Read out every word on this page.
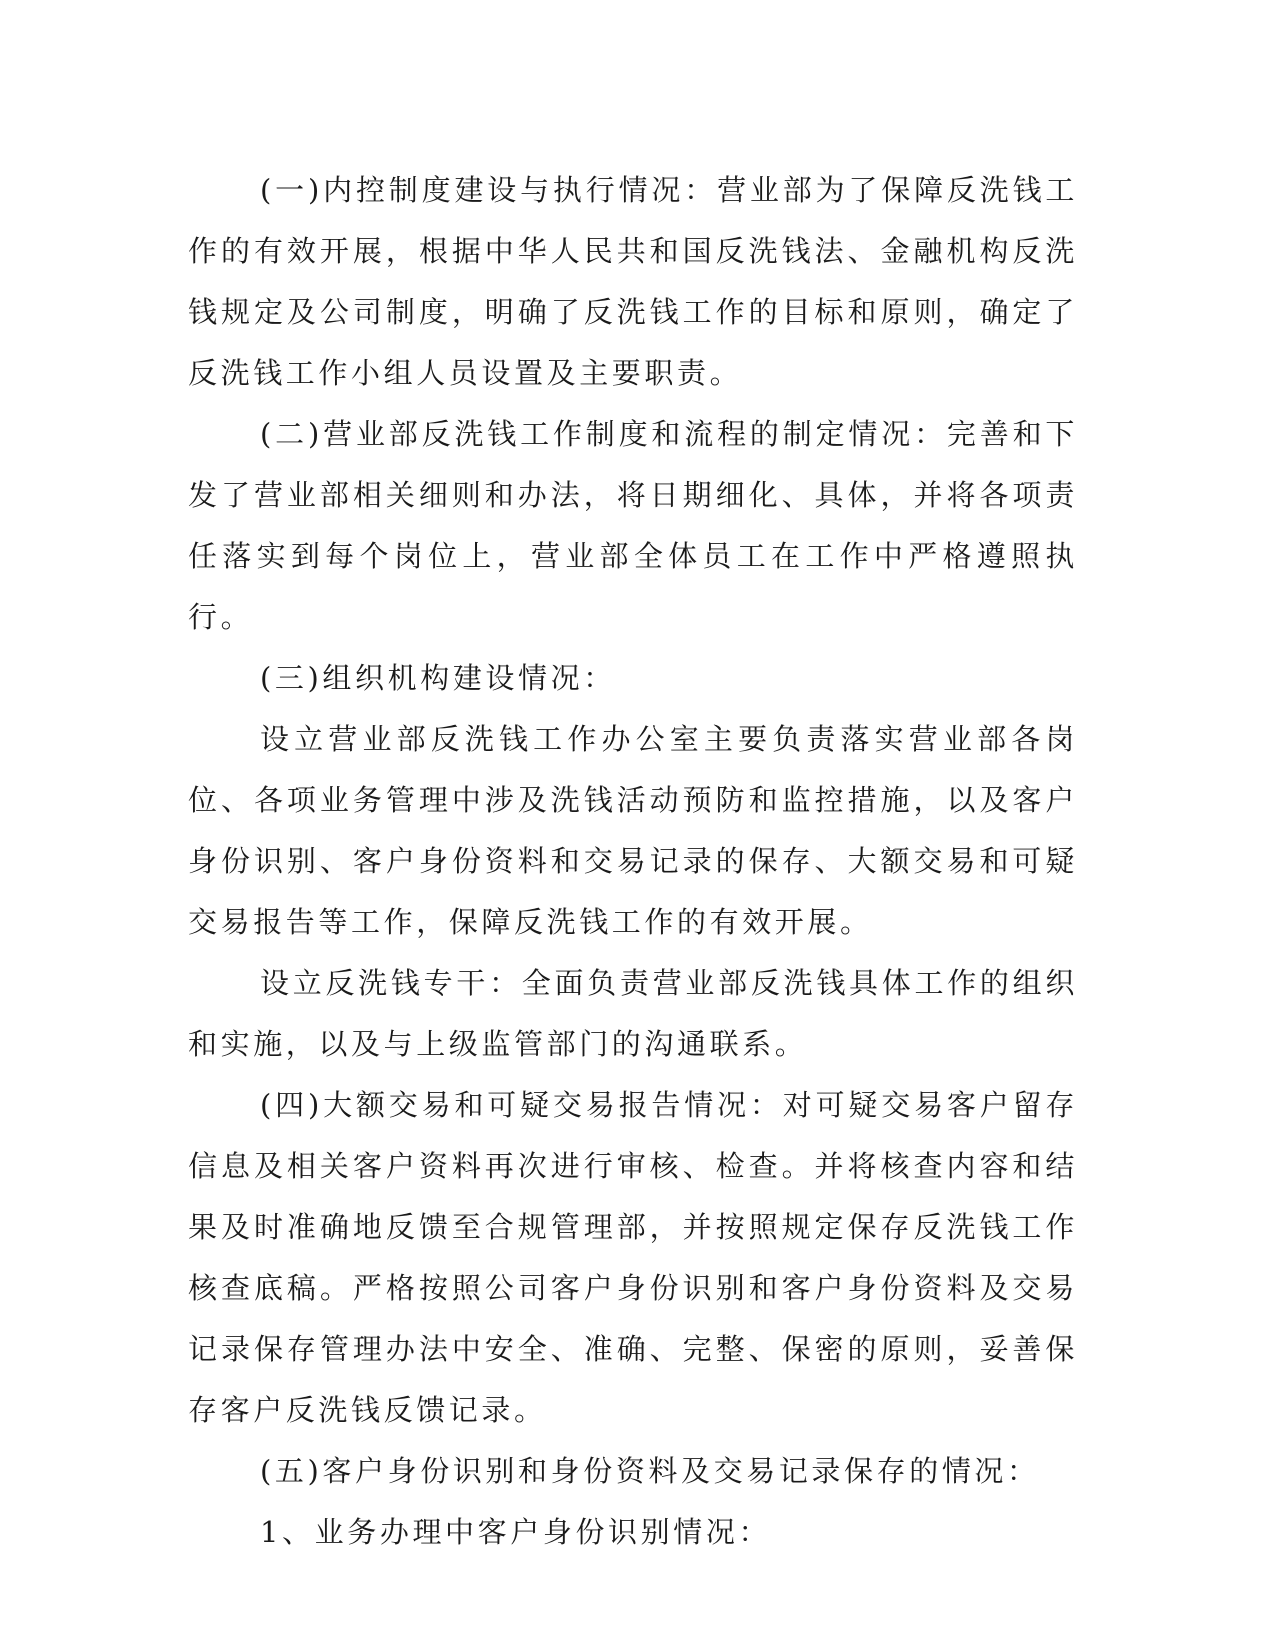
(一)内控制度建设与执行情况：营业部为了保障反洗钱工作的有效开展，根据中华人民共和国反洗钱法、金融机构反洗钱规定及公司制度，明确了反洗钱工作的目标和原则，确定了反洗钱工作小组人员设置及主要职责。

(二)营业部反洗钱工作制度和流程的制定情况：完善和下发了营业部相关细则和办法，将日期细化、具体，并将各项责任落实到每个岗位上，营业部全体员工在工作中严格遵照执行。

(三)组织机构建设情况：

设立营业部反洗钱工作办公室主要负责落实营业部各岗位、各项业务管理中涉及洗钱活动预防和监控措施，以及客户身份识别、客户身份资料和交易记录的保存、大额交易和可疑交易报告等工作，保障反洗钱工作的有效开展。

设立反洗钱专干：全面负责营业部反洗钱具体工作的组织和实施，以及与上级监管部门的沟通联系。

(四)大额交易和可疑交易报告情况：对可疑交易客户留存信息及相关客户资料再次进行审核、检查。并将核查内容和结果及时准确地反馈至合规管理部，并按照规定保存反洗钱工作核查底稿。严格按照公司客户身份识别和客户身份资料及交易记录保存管理办法中安全、准确、完整、保密的原则，妥善保存客户反洗钱反馈记录。

(五)客户身份识别和身份资料及交易记录保存的情况：

1、业务办理中客户身份识别情况：
